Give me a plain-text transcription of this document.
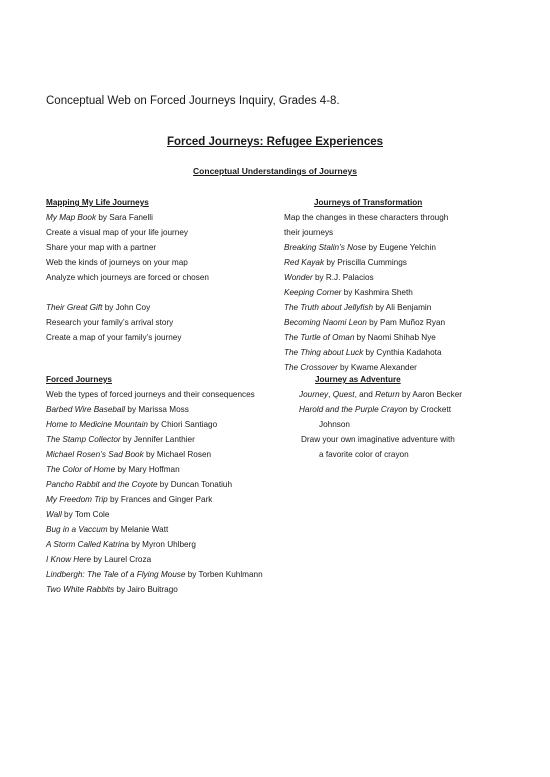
Conceptual Web on Forced Journeys Inquiry, Grades 4-8.
Forced Journeys: Refugee Experiences
Conceptual Understandings of Journeys
Mapping My Life Journeys
My Map Book by Sara Fanelli
Create a visual map of your life journey
Share your map with a partner
Web the kinds of journeys on your map
Analyze which journeys are forced or chosen
Their Great Gift by John Coy
Research your family’s arrival story
Create a map of your family’s journey
Journeys of Transformation
Map the changes in these characters through
their journeys
Breaking Stalin’s Nose by Eugene Yelchin
Red Kayak by Priscilla Cummings
Wonder by R.J. Palacios
Keeping Corner by Kashmira Sheth
The Truth about Jellyfish by Ali Benjamin
Becoming Naomi Leon by Pam Muñoz Ryan
The Turtle of Oman by Naomi Shihab Nye
The Thing about Luck by Cynthia Kadahota
The Crossover by Kwame Alexander
Forced Journeys
Web the types of forced journeys and their consequences
Barbed Wire Baseball by Marissa Moss
Home to Medicine Mountain by Chiori Santiago
The Stamp Collector by Jennifer Lanthier
Michael Rosen’s Sad Book by Michael Rosen
The Color of Home by Mary Hoffman
Pancho Rabbit and the Coyote by Duncan Tonatiuh
My Freedom Trip by Frances and Ginger Park
Wall by Tom Cole
Bug in a Vaccum by Melanie Watt
A Storm Called Katrina by Myron Uhlberg
I Know Here by Laurel Croza
Lindbergh: The Tale of a Flying Mouse by Torben Kuhlmann
Two White Rabbits by Jairo Buitrago
Journey as Adventure
Journey, Quest, and Return by Aaron Becker
Harold and the Purple Crayon by Crockett
Johnson
Draw your own imaginative adventure with
a favorite color of crayon
